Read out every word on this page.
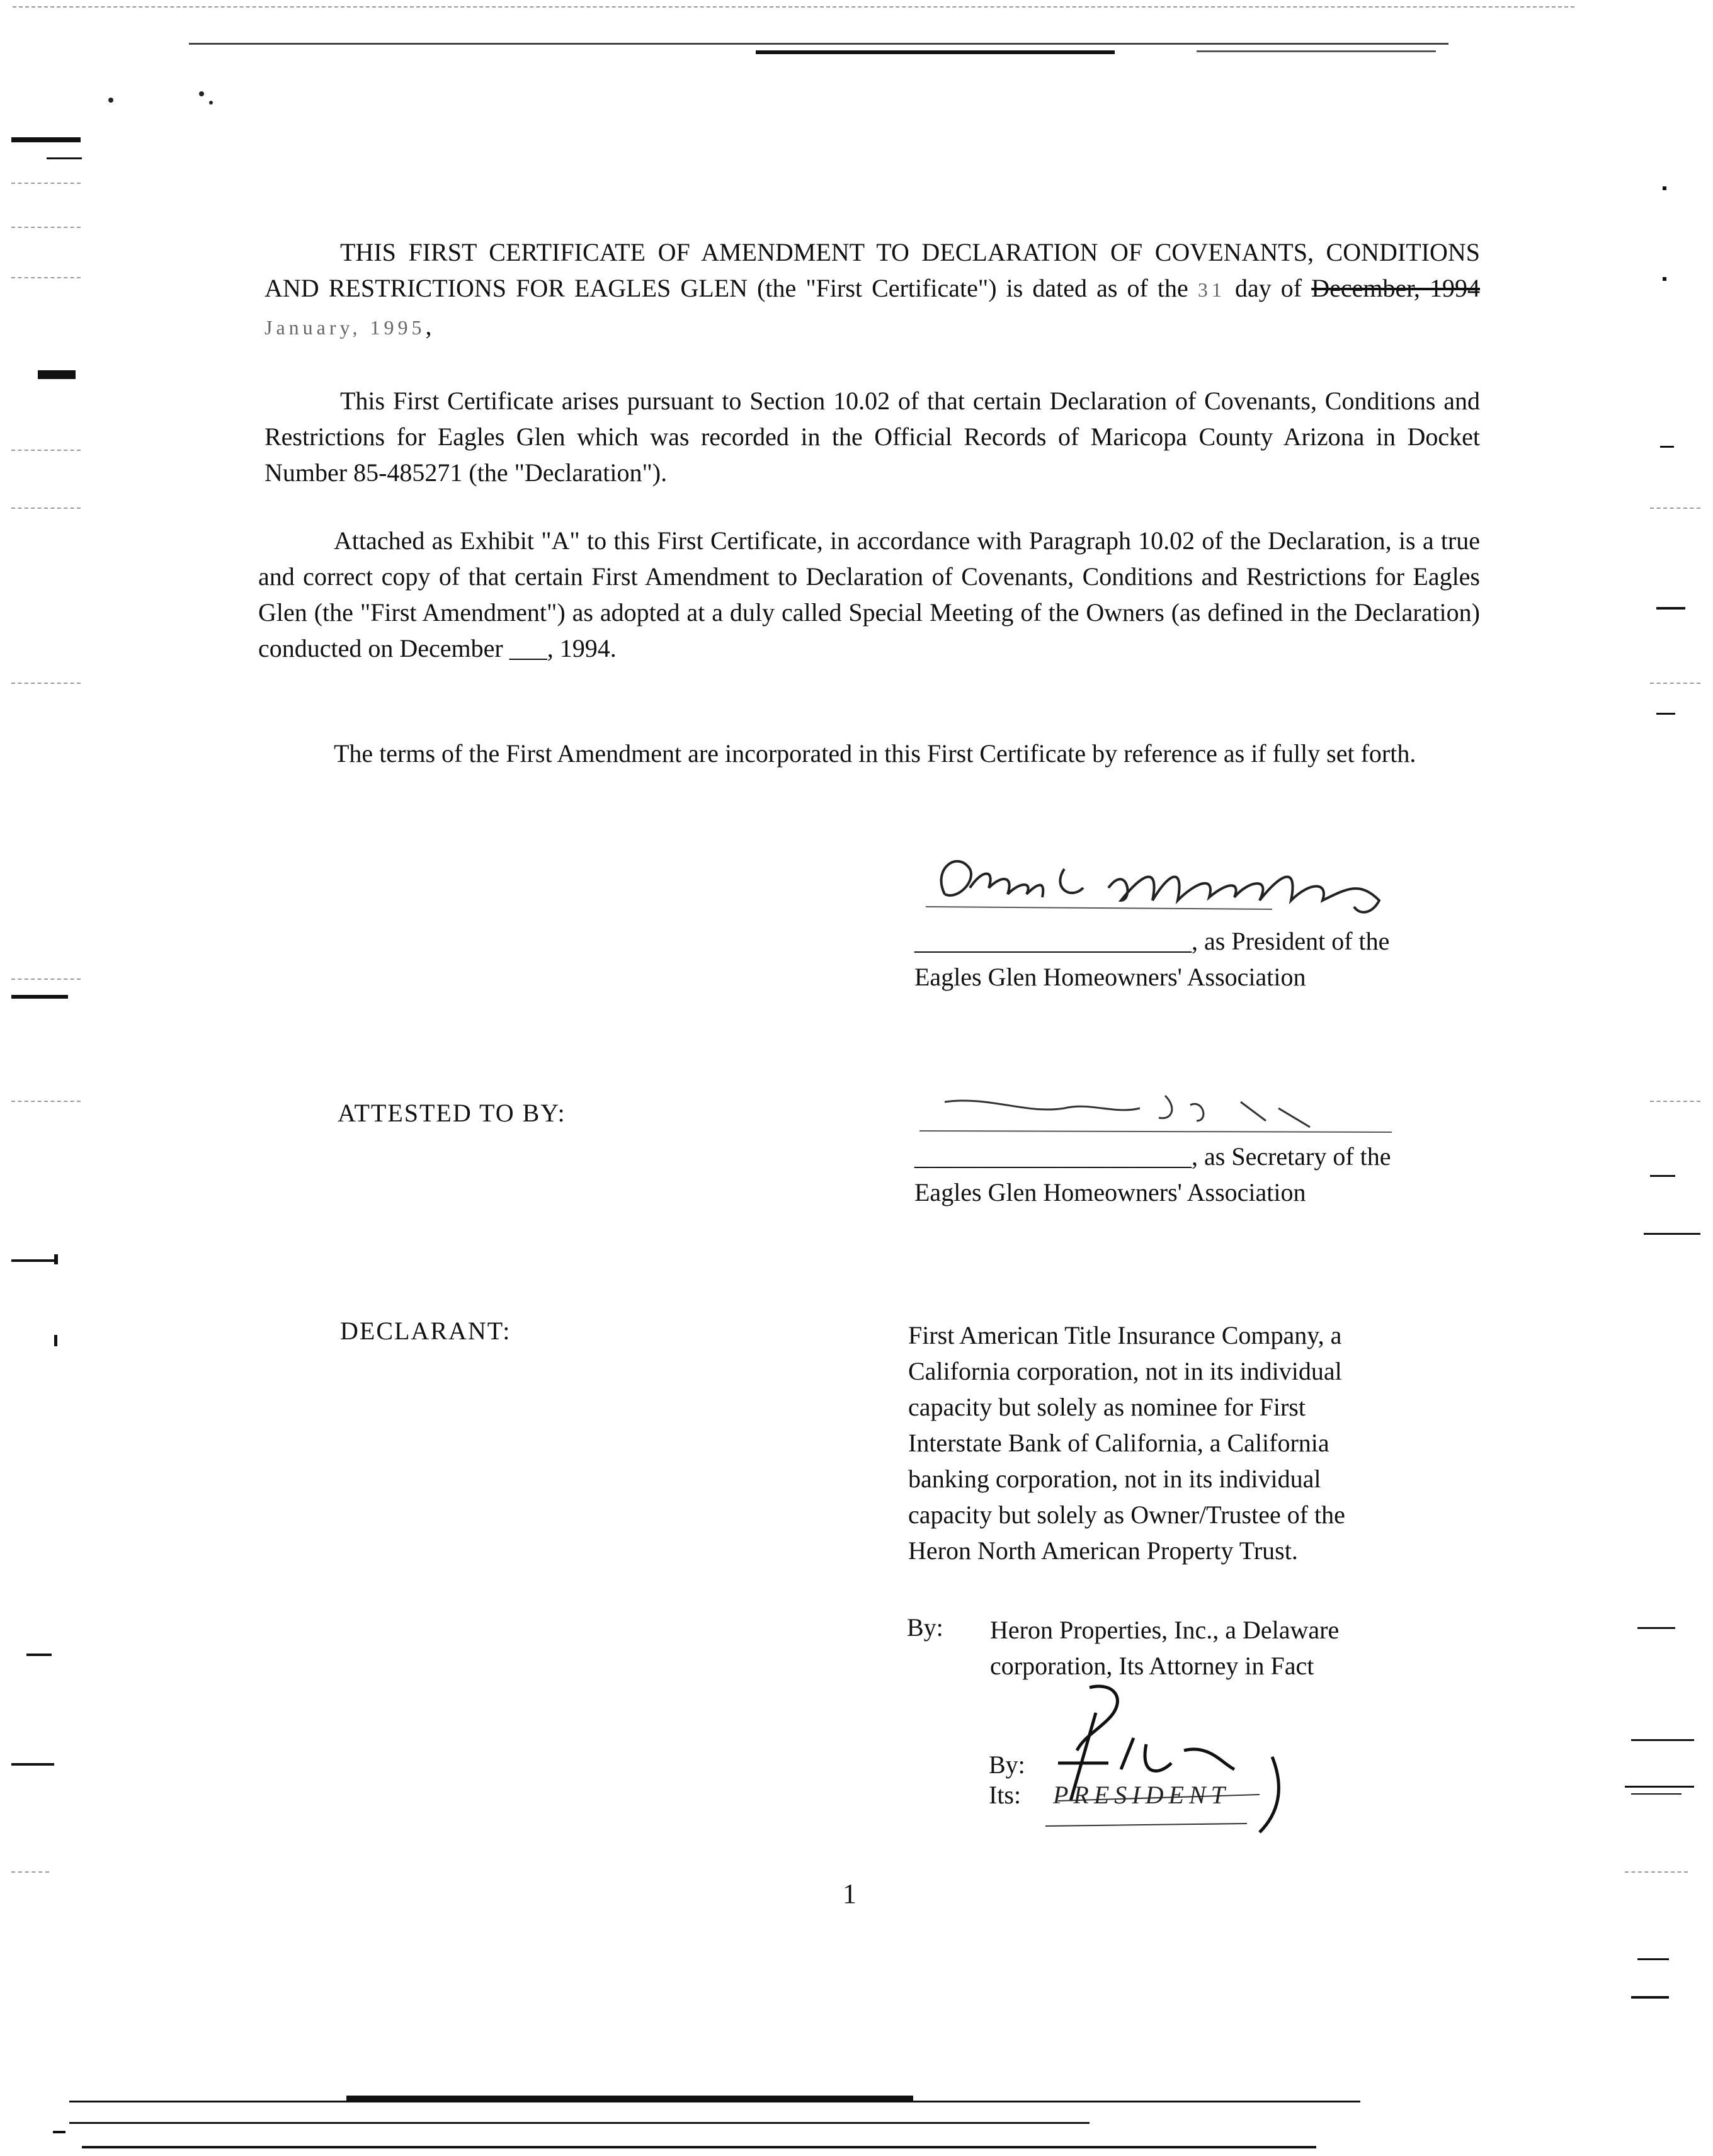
THIS FIRST CERTIFICATE OF AMENDMENT TO DECLARATION OF COVENANTS, CONDITIONS AND RESTRICTIONS FOR EAGLES GLEN (the "First Certificate") is dated as of the 31 day of December, 1994 January, 1995,
This First Certificate arises pursuant to Section 10.02 of that certain Declaration of Covenants, Conditions and Restrictions for Eagles Glen which was recorded in the Official Records of Maricopa County Arizona in Docket Number 85-485271 (the "Declaration").
Attached as Exhibit "A" to this First Certificate, in accordance with Paragraph 10.02 of the Declaration, is a true and correct copy of that certain First Amendment to Declaration of Covenants, Conditions and Restrictions for Eagles Glen (the "First Amendment") as adopted at a duly called Special Meeting of the Owners (as defined in the Declaration) conducted on December ___, 1994.
The terms of the First Amendment are incorporated in this First Certificate by reference as if fully set forth.
______________________, as President of the
Eagles Glen Homeowners' Association
ATTESTED TO BY:
______________________, as Secretary of the
Eagles Glen Homeowners' Association
DECLARANT:	First American Title Insurance Company, a
California corporation, not in its individual
capacity but solely as nominee for First
Interstate Bank of California, a California
banking corporation, not in its individual
capacity but solely as Owner/Trustee of the
Heron North American Property Trust.
By: Heron Properties, Inc., a Delaware
corporation, Its Attorney in Fact
By:
Its: PRESIDENT
1
